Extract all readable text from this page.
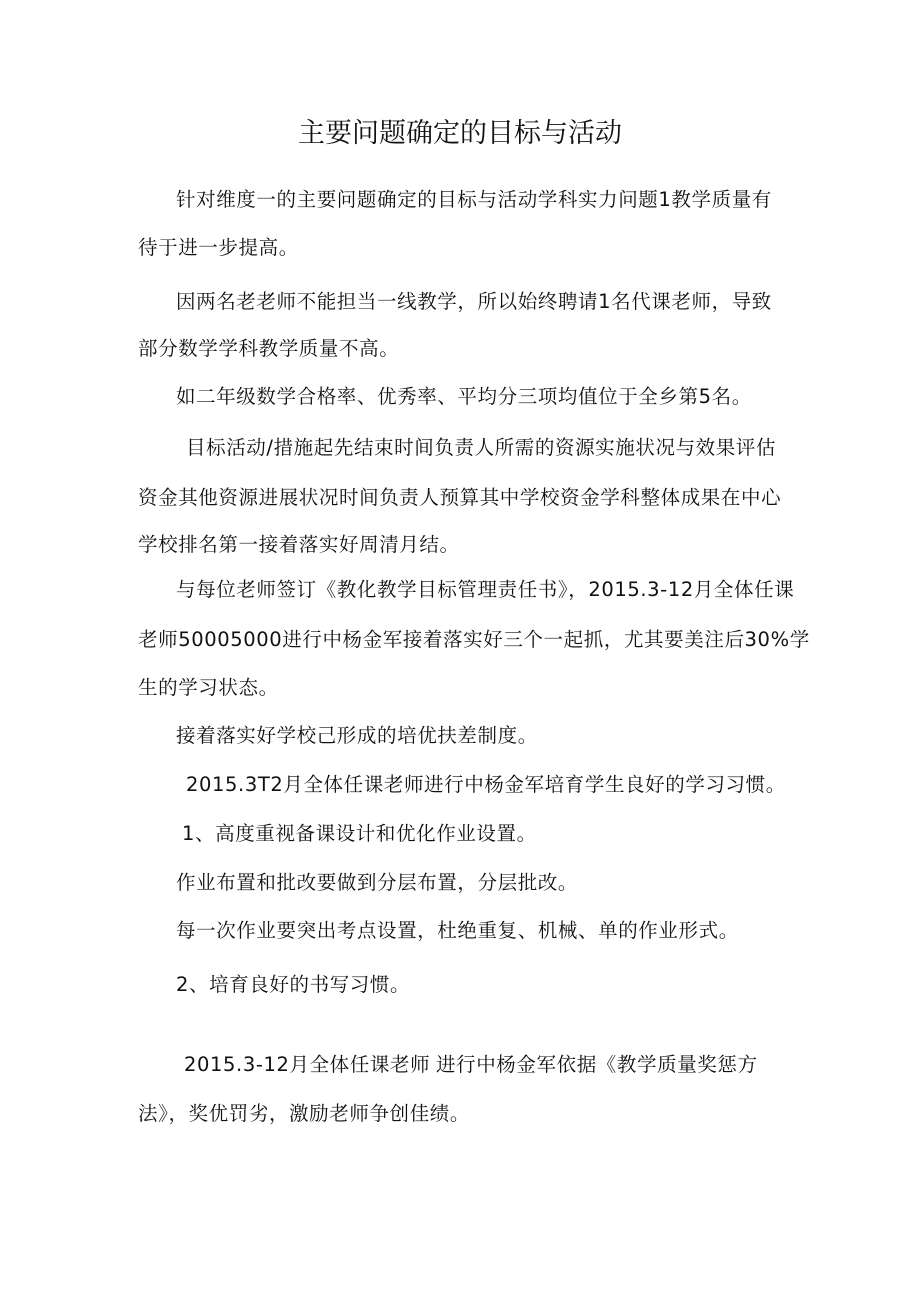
主要问题确定的目标与活动
针对维度一的主要问题确定的目标与活动学科实力问题1教学质量有
待于进一步提高。
因两名老老师不能担当一线教学，所以始终聘请1名代课老师，导致
部分数学学科教学质量不高。
如二年级数学合格率、优秀率、平均分三项均值位于全乡第5名。
目标活动/措施起先结束时间负责人所需的资源实施状况与效果评估
资金其他资源进展状况时间负责人预算其中学校资金学科整体成果在中心
学校排名第一接着落实好周清月结。
与每位老师签订《教化教学目标管理责任书》，2015.3-12月全体任课
老师50005000进行中杨金军接着落实好三个一起抓，尤其要美注后30%学
生的学习状态。
接着落实好学校己形成的培优扶差制度。
2015.3T2月全体任课老师进行中杨金军培育学生良好的学习习惯。
1、高度重视备课设计和优化作业设置。
作业布置和批改要做到分层布置，分层批改。
每一次作业要突出考点设置，杜绝重复、机械、单的作业形式。
2、培育良好的书写习惯。
2015.3-12月全体任课老师 进行中杨金军依据《教学质量奖惩方
法》，奖优罚劣，激励老师争创佳绩。
